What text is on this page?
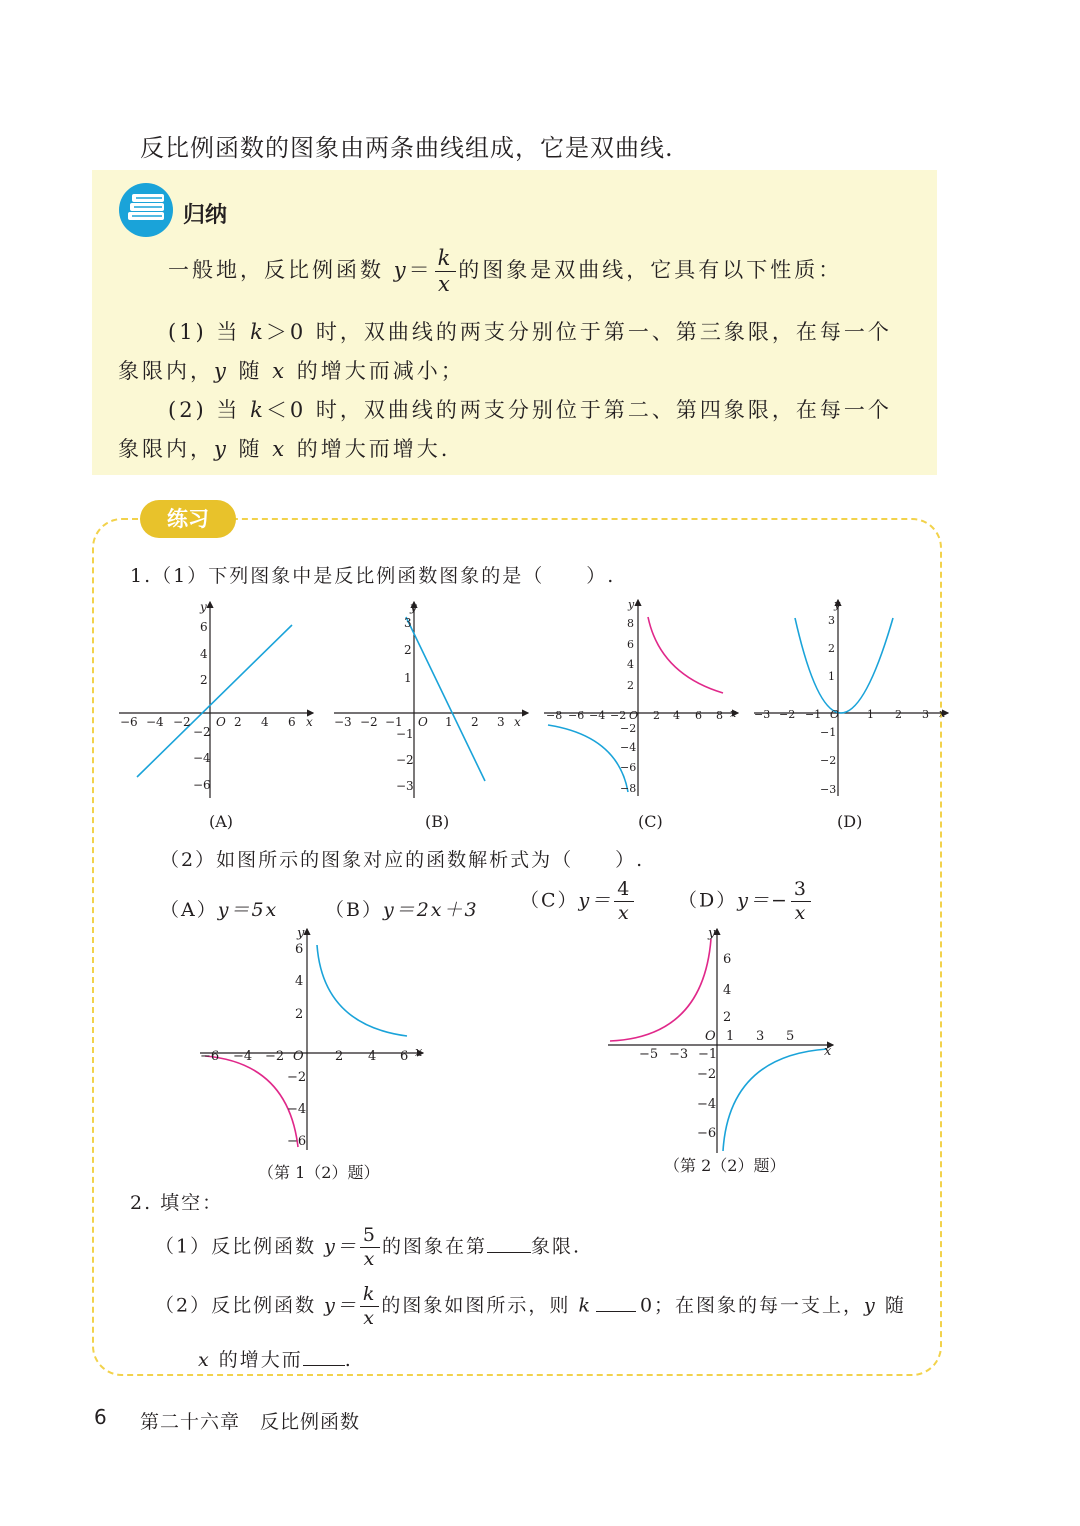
反比例函数的图象由两条曲线组成，它是双曲线.
归纳
一般地，反比例函数 $y= \frac{k}{x}$ 的图象是双曲线，它具有以下性质：
(1) 当 k＞0 时，双曲线的两支分别位于第一、第三象限，在每一个
象限内，y 随 x 的增大而减小；
(2) 当 k＜0 时，双曲线的两支分别位于第二、第四象限，在每一个
象限内，y 随 x 的增大而增大.
练习
1.（1）下列图象中是反比例函数图象的是（　　）.
−6 −4 −2 O 2 4 6 x
y
6
4
2
−2
−4
−6
−3 −2 −1 O 1 2 3 x
y
3
2
1
−1
−2
−3
−8 −6 −4 −2 O 2 4 6 8 x
y
8
6
4
2
−2
−4
−6
−8
−3 −2 −1 O	1 2 3 x
y
3
2
1
−1
−2
−3
(A)	(B)	(C)	(D)
（2）如图所示的图象对应的函数解析式为（　　）.
（A）y＝5x （B）y＝2x＋3 $(C)y= \frac{4}{x} (D)y=- \frac{3}{x}$
−6 −4 −2 O 2 4 6 x
y
6
4
2
−2
−4
−6
（第 1（2）题）
−5 −3 −1
O 1 3 5
x
y
6
4
2
−2
−4
−6
（第 2（2）题）
2. 填空：
（1）反比例函数 $y= \frac{5}{x}$ 的图象在第 象限.
（2）反比例函数 $y= \frac{k}{x}$ 的图象如图所示，则 k	0；在图象的每一支上，y 随
x 的增大而 .
6 第二十六章　反比例函数
